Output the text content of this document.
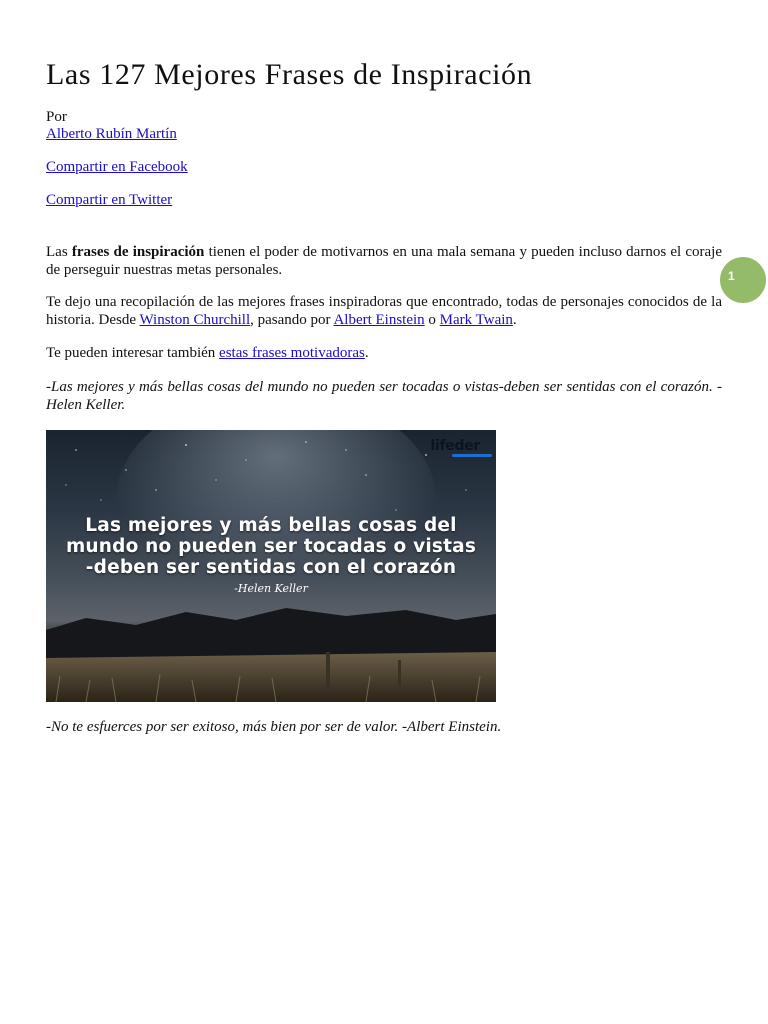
Las 127 Mejores Frases de Inspiración
Por
Alberto Rubín Martín
Compartir en Facebook
Compartir en Twitter

Las frases de inspiración tienen el poder de motivarnos en una mala semana y pueden incluso darnos el coraje de perseguir nuestras metas personales.

Te dejo una recopilación de las mejores frases inspiradoras que encontrado, todas de personajes conocidos de la historia. Desde Winston Churchill, pasando por Albert Einstein o Mark Twain.

Te pueden interesar también estas frases motivadoras.

-Las mejores y más bellas cosas del mundo no pueden ser tocadas o vistas-deben ser sentidas con el corazón. -Helen Keller.

lifeder
Las mejores y más bellas cosas del
mundo no pueden ser tocadas o vistas
-deben ser sentidas con el corazón
-Helen Keller

-No te esfuerces por ser exitoso, más bien por ser de valor. -Albert Einstein.

1
